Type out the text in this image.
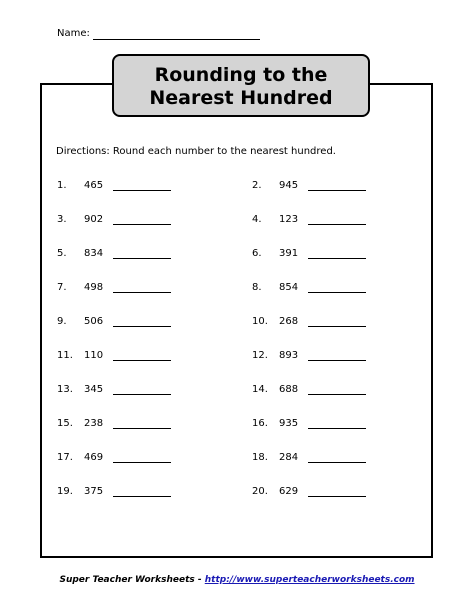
Name:
Rounding to the
Nearest Hundred
Directions: Round each number to the nearest hundred.
1. 465	2. 945
3. 902	4. 123
5. 834	6. 391
7. 498	8. 854
9. 506	10. 268
11. 110	12. 893
13. 345	14. 688
15. 238	16. 935
17. 469	18. 284
19. 375	20. 629
Super Teacher Worksheets - http://www.superteacherworksheets.com
